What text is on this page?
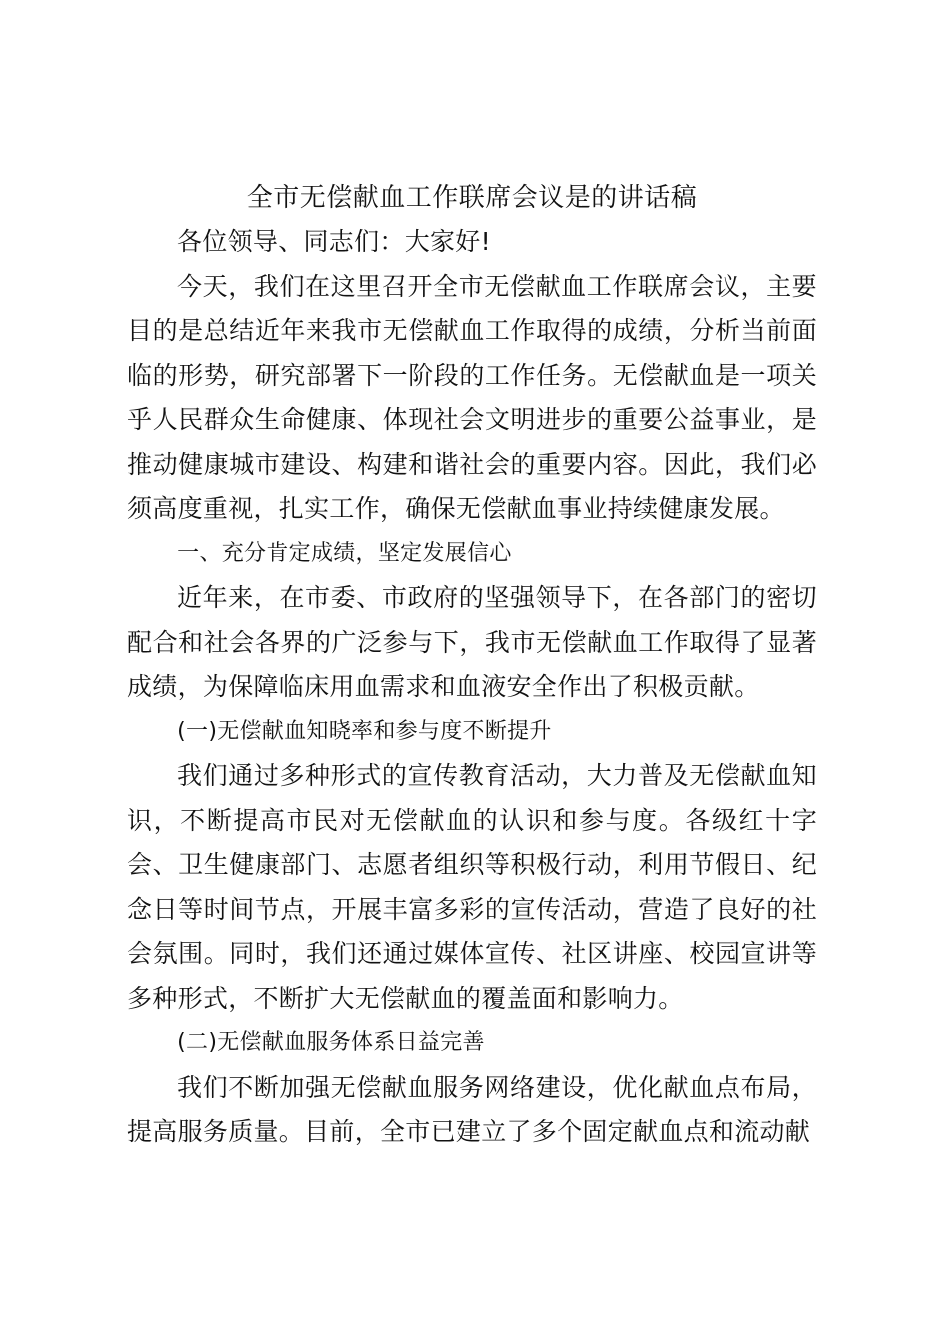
全市无偿献血工作联席会议是的讲话稿

各位领导、同志们：大家好!

今天，我们在这里召开全市无偿献血工作联席会议，主要目的是总结近年来我市无偿献血工作取得的成绩，分析当前面临的形势，研究部署下一阶段的工作任务。无偿献血是一项关乎人民群众生命健康、体现社会文明进步的重要公益事业，是推动健康城市建设、构建和谐社会的重要内容。因此，我们必须高度重视，扎实工作，确保无偿献血事业持续健康发展。

一、充分肯定成绩，坚定发展信心

近年来，在市委、市政府的坚强领导下，在各部门的密切配合和社会各界的广泛参与下，我市无偿献血工作取得了显著成绩，为保障临床用血需求和血液安全作出了积极贡献。

(一)无偿献血知晓率和参与度不断提升

我们通过多种形式的宣传教育活动，大力普及无偿献血知识，不断提高市民对无偿献血的认识和参与度。各级红十字会、卫生健康部门、志愿者组织等积极行动，利用节假日、纪念日等时间节点，开展丰富多彩的宣传活动，营造了良好的社会氛围。同时，我们还通过媒体宣传、社区讲座、校园宣讲等多种形式，不断扩大无偿献血的覆盖面和影响力。

(二)无偿献血服务体系日益完善

我们不断加强无偿献血服务网络建设，优化献血点布局，提高服务质量。目前，全市已建立了多个固定献血点和流动献
